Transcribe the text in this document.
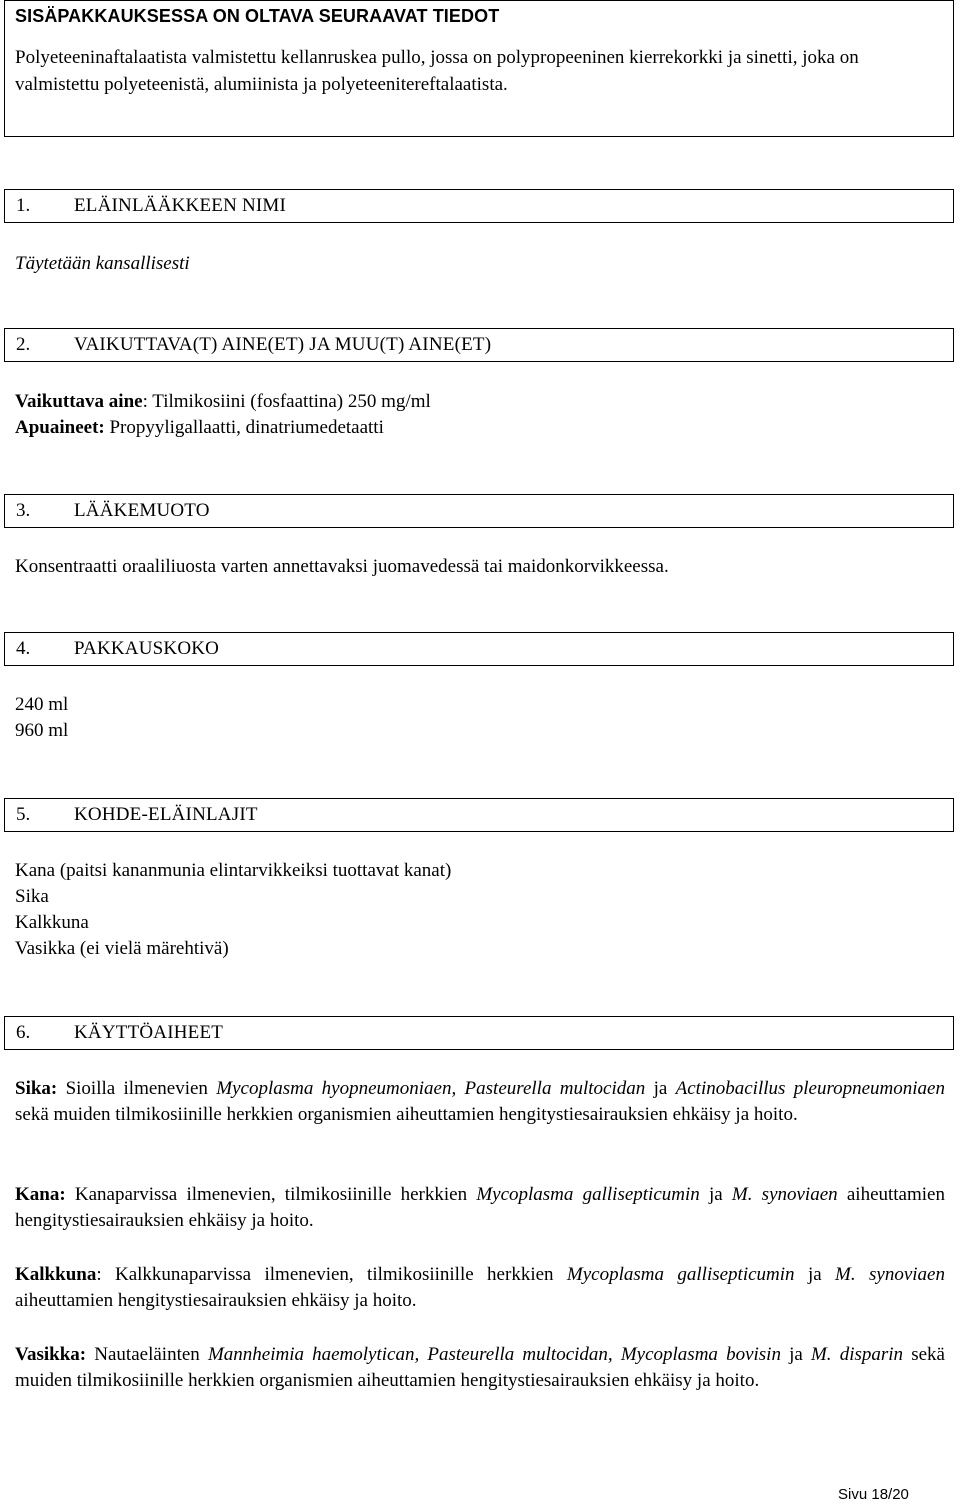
SISÄPAKKAUKSESSA ON OLTAVA SEURAAVAT TIEDOT
Polyeteeninaftalaatista valmistettu kellanruskea pullo, jossa on polypropeeninen kierrekorkki ja sinetti, joka on valmistettu polyeteenistä, alumiinista ja polyeteenitereftalaatista.
1.	ELÄINLÄÄKKEEN NIMI
Täytetään kansallisesti
2.	VAIKUTTAVA(T) AINE(ET) JA MUU(T) AINE(ET)
Vaikuttava aine: Tilmikosiini (fosfaattina) 250 mg/ml
Apuaineet: Propyyligallaatti, dinatriumedetaatti
3.	LÄÄKEMUOTO
Konsentraatti oraaliliuosta varten annettavaksi juomavedessä tai maidonkorvikkeessa.
4.	PAKKAUSKOKO
240 ml
960 ml
5.	KOHDE-ELÄINLAJIT
Kana (paitsi kananmunia elintarvikkeiksi tuottavat kanat)
Sika
Kalkkuna
Vasikka (ei vielä märehtivä)
6.	KÄYTTÖAIHEET
Sika: Sioilla ilmenevien Mycoplasma hyopneumoniaen, Pasteurella multocidan ja Actinobacillus pleuropneumoniaen sekä muiden tilmikosiinille herkkien organismien aiheuttamien hengitystiesairauksien ehkäisy ja hoito.
Kana: Kanaparvissa ilmenevien, tilmikosiinille herkkien Mycoplasma gallisepticumin ja M. synoviaen aiheuttamien hengitystiesairauksien ehkäisy ja hoito.
Kalkkuna: Kalkkunaparvissa ilmenevien, tilmikosiinille herkkien Mycoplasma gallisepticumin ja M. synoviaen aiheuttamien hengitystiesairauksien ehkäisy ja hoito.
Vasikka: Nautaeläinten Mannheimia haemolytican, Pasteurella multocidan, Mycoplasma bovisin ja M. disparin sekä muiden tilmikosiinille herkkien organismien aiheuttamien hengitystiesairauksien ehkäisy ja hoito.
Sivu 18/20
